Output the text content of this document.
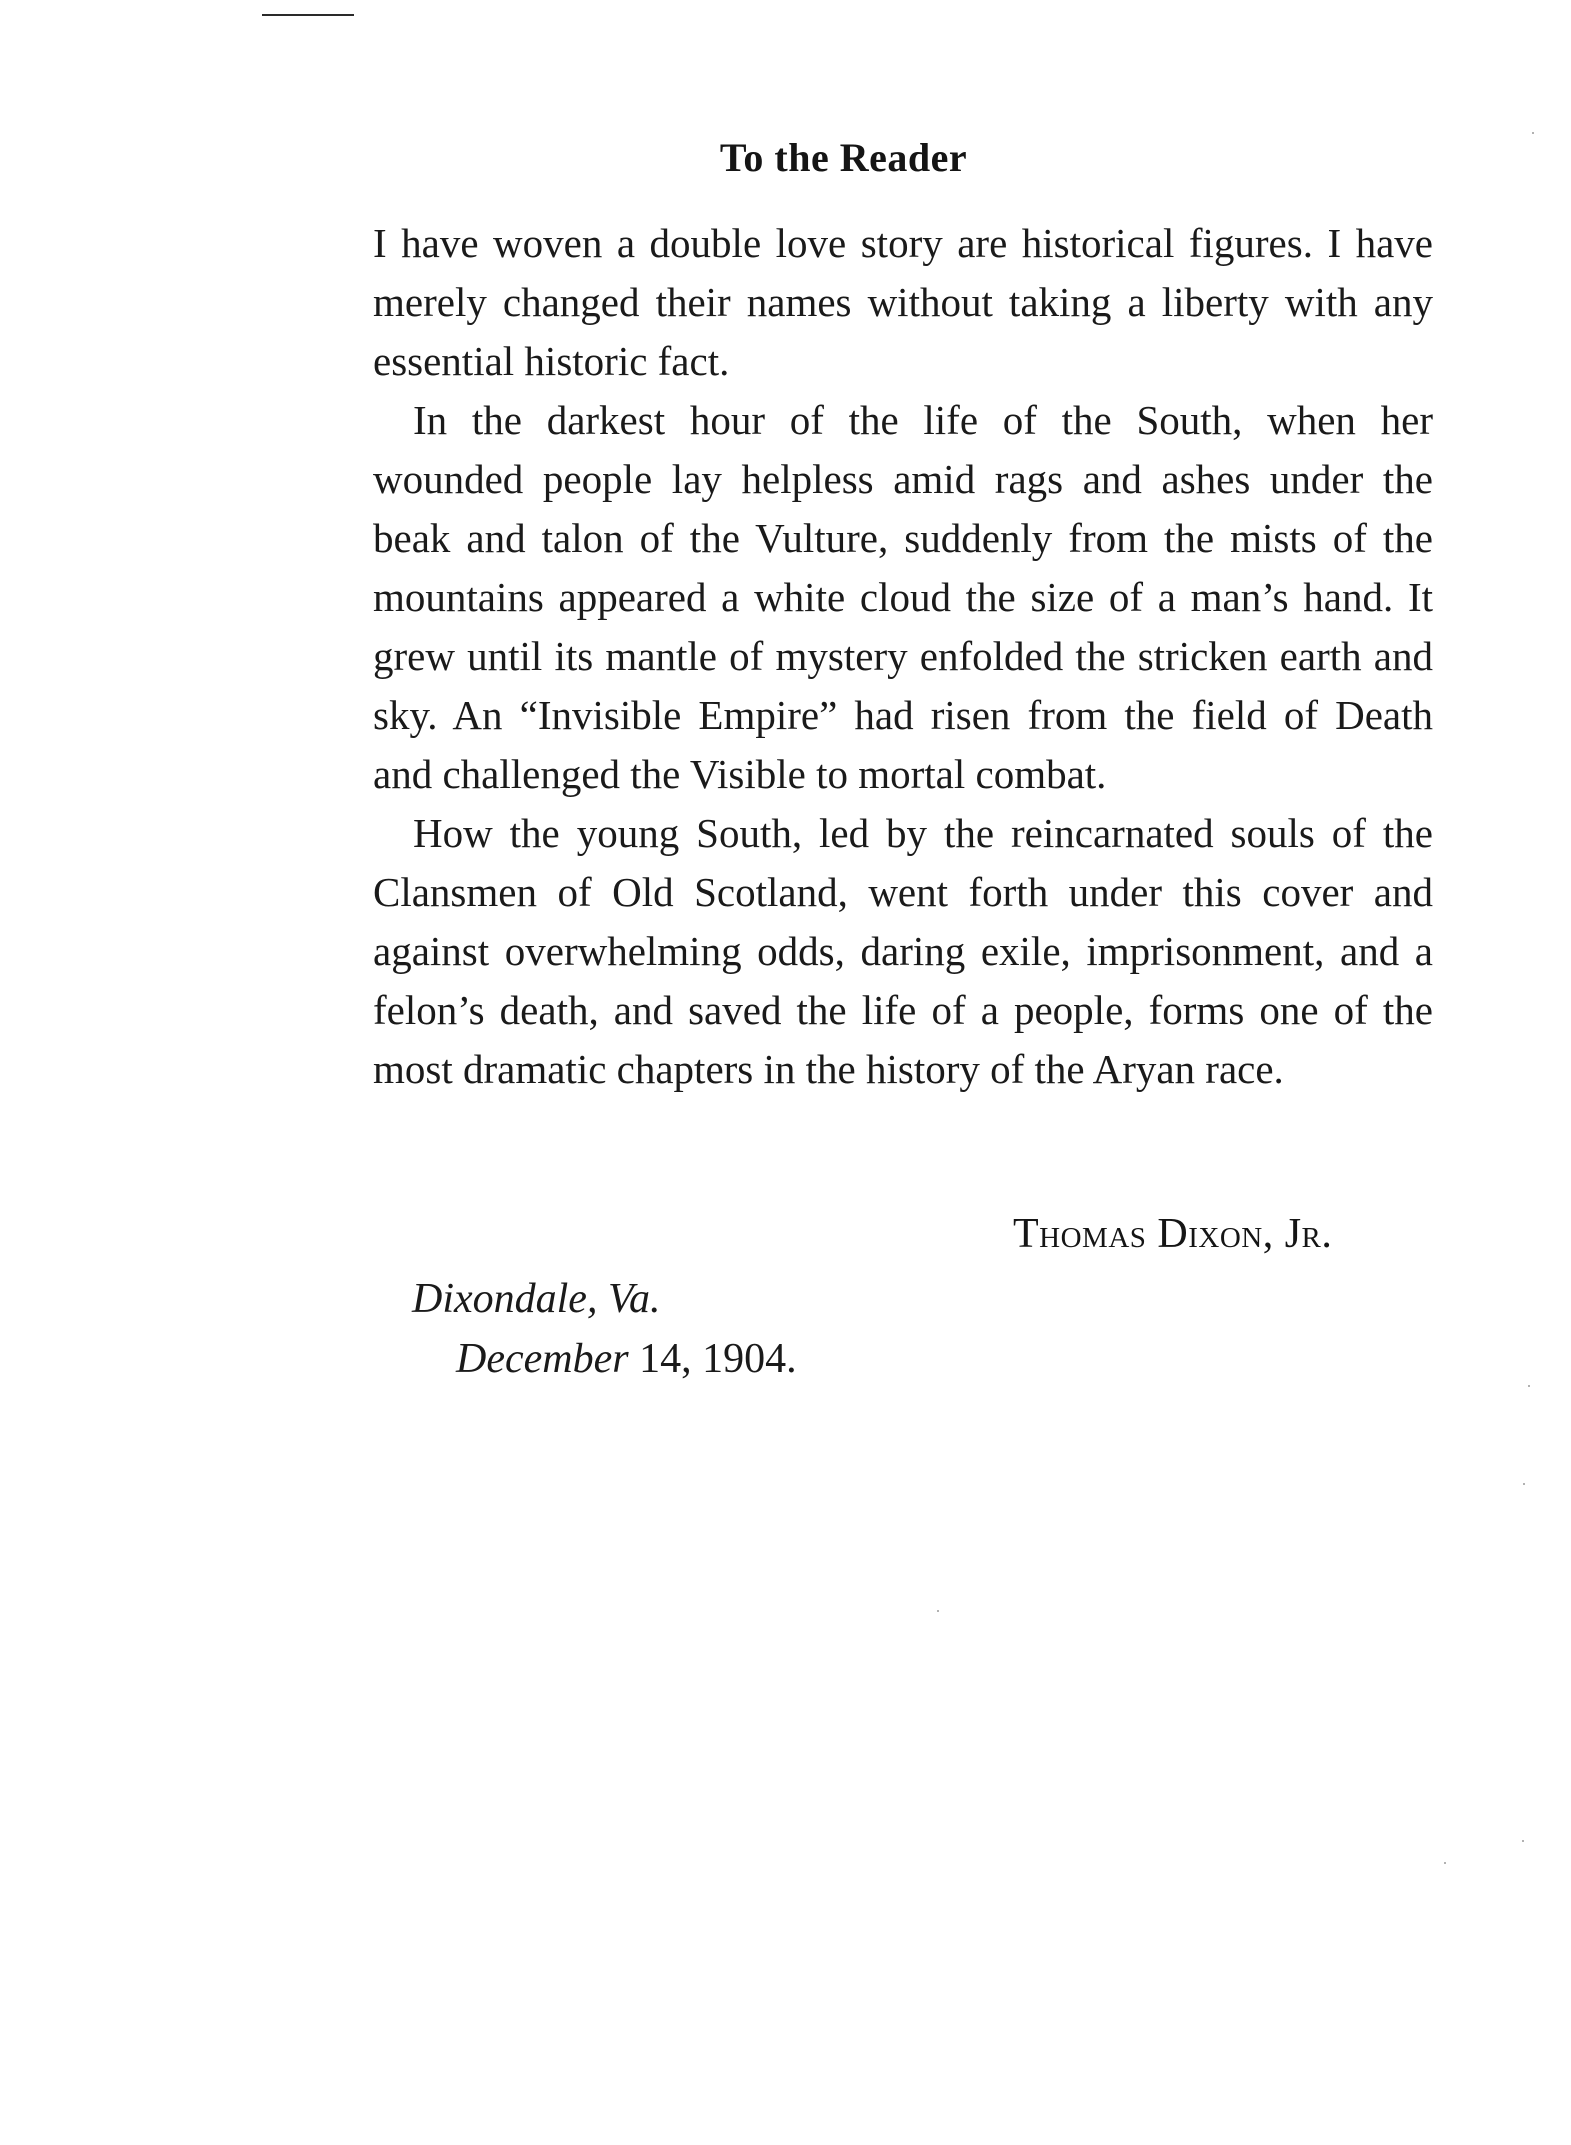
To the Reader

I have woven a double love story are historical figures. I have merely changed their names without taking a liberty with any essential historic fact.

In the darkest hour of the life of the South, when her wounded people lay helpless amid rags and ashes under the beak and talon of the Vulture, suddenly from the mists of the mountains appeared a white cloud the size of a man’s hand. It grew until its mantle of mystery enfolded the stricken earth and sky. An “Invisible Empire” had risen from the field of Death and challenged the Visible to mortal combat.

How the young South, led by the reincarnated souls of the Clansmen of Old Scotland, went forth under this cover and against overwhelming odds, daring exile, imprisonment, and a felon’s death, and saved the life of a people, forms one of the most dramatic chapters in the history of the Aryan race.

Thomas Dixon, Jr.
Dixondale, Va.
December 14, 1904.
